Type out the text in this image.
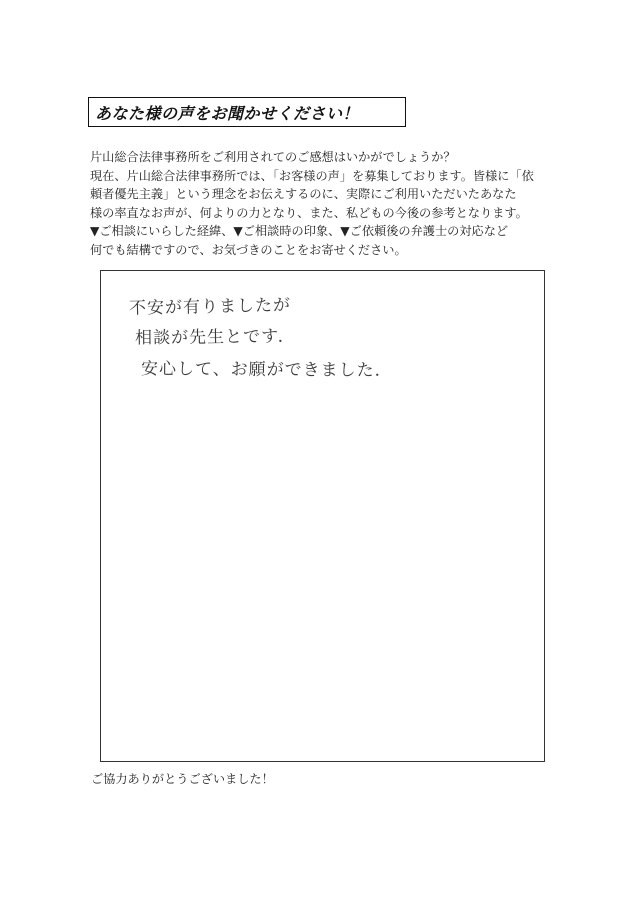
あなた様の声をお聞かせください！
片山総合法律事務所をご利用されてのご感想はいかがでしょうか？
現在、片山総合法律事務所では、「お客様の声」を募集しております。皆様に「依
頼者優先主義」という理念をお伝えするのに、実際にご利用いただいたあなた
様の率直なお声が、何よりの力となり、また、私どもの今後の参考となります。
▼ご相談にいらした経緯、▼ご相談時の印象、▼ご依頼後の弁護士の対応など
何でも結構ですので、お気づきのことをお寄せください。
不安が有りましたが
相談が先生とです．
安心して、お願ができました．
ご協力ありがとうございました！
